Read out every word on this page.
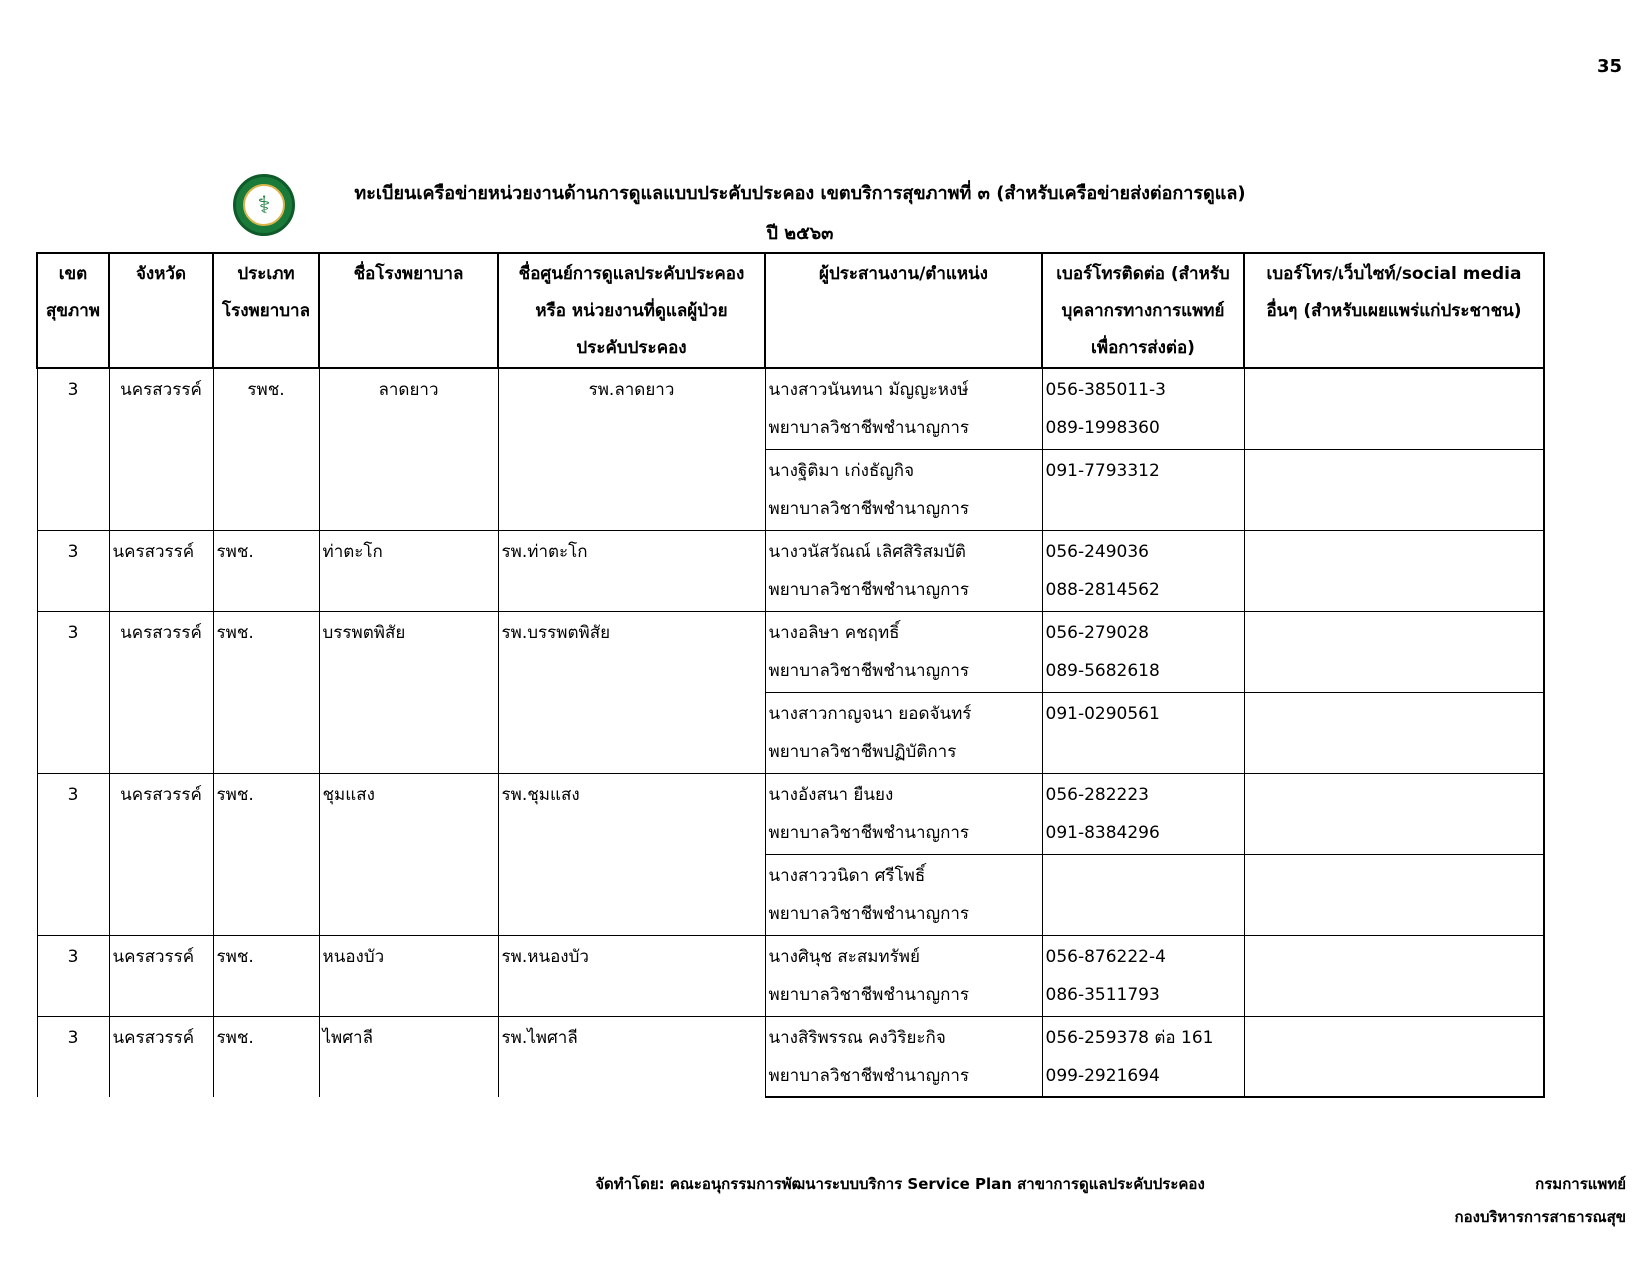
35
⚕	ทะเบียนเครือข่ายหน่วยงานด้านการดูแลแบบประคับประคอง เขตบริการสุขภาพที่ ๓ (สำหรับเครือข่ายส่งต่อการดูแล)
ปี ๒๕๖๓
เขต
สุขภาพ	จังหวัด	ประเภท
โรงพยาบาล	ชื่อโรงพยาบาล	ชื่อศูนย์การดูแลประคับประคอง
หรือ หน่วยงานที่ดูแลผู้ป่วย
ประคับประคอง	ผู้ประสานงาน/ตำแหน่ง	เบอร์โทรติดต่อ (สำหรับ
บุคลากรทางการแพทย์
เพื่อการส่งต่อ)	เบอร์โทร/เว็บไซท์/social media
อื่นๆ (สำหรับเผยแพร่แก่ประชาชน)

3	นครสวรรค์	รพช.	ลาดยาว	รพ.ลาดยาว	นางสาวนันทนา มัญญะหงษ์
พยาบาลวิชาชีพชำนาญการ	056-385011-3
089-1998360	

					นางฐิติมา เก่งธัญกิจ
พยาบาลวิชาชีพชำนาญการ	091-7793312	

3	นครสวรรค์	รพช.	ท่าตะโก	รพ.ท่าตะโก	นางวนัสวัณณ์ เลิศสิริสมบัติ
พยาบาลวิชาชีพชำนาญการ	056-249036
088-2814562	

3	นครสวรรค์	รพช.	บรรพตพิสัย	รพ.บรรพตพิสัย	นางอลิษา คชฤทธิ์
พยาบาลวิชาชีพชำนาญการ	056-279028
089-5682618	

					นางสาวกาญจนา ยอดจันทร์
พยาบาลวิชาชีพปฏิบัติการ	091-0290561	

3	นครสวรรค์	รพช.	ชุมแสง	รพ.ชุมแสง	นางอังสนา ยืนยง
พยาบาลวิชาชีพชำนาญการ	056-282223
091-8384296	

					นางสาววนิดา ศรีโพธิ์
พยาบาลวิชาชีพชำนาญการ		

3	นครสวรรค์	รพช.	หนองบัว	รพ.หนองบัว	นางศินุช สะสมทรัพย์
พยาบาลวิชาชีพชำนาญการ	056-876222-4
086-3511793	

3	นครสวรรค์	รพช.	ไพศาลี	รพ.ไพศาลี	นางสิริพรรณ คงวิริยะกิจ
พยาบาลวิชาชีพชำนาญการ	056-259378 ต่อ 161
099-2921694	

จัดทำโดย: คณะอนุกรรมการพัฒนาระบบบริการ Service Plan สาขาการดูแลประคับประคอง	กรมการแพทย์
กองบริหารการสาธารณสุข
